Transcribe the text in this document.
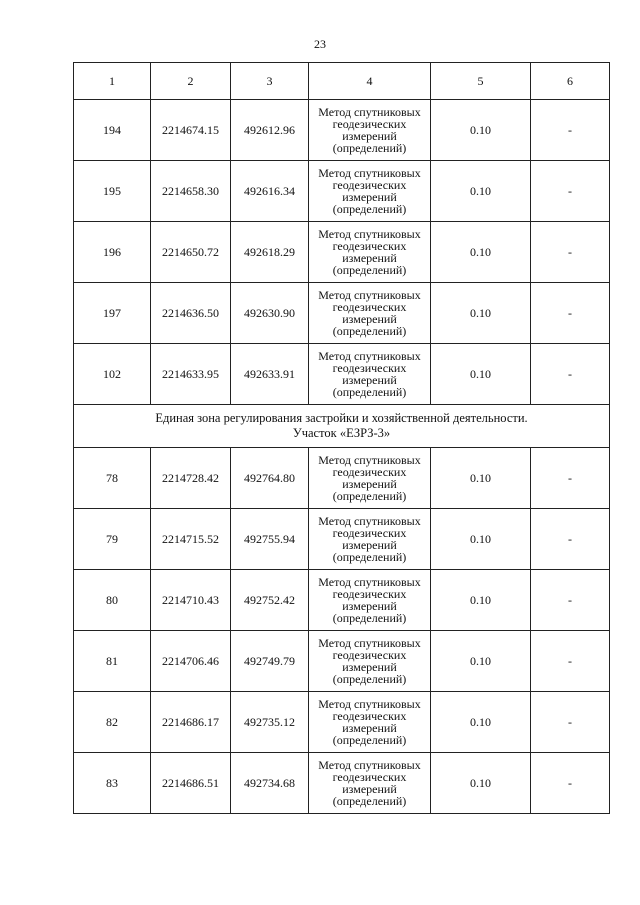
23
1	2	3	4	5	6
194	2214674.15	492612.96	Метод спутниковых
геодезических
измерений
(определений)	0.10	-
195	2214658.30	492616.34	Метод спутниковых
геодезических
измерений
(определений)	0.10	-
196	2214650.72	492618.29	Метод спутниковых
геодезических
измерений
(определений)	0.10	-
197	2214636.50	492630.90	Метод спутниковых
геодезических
измерений
(определений)	0.10	-
102	2214633.95	492633.91	Метод спутниковых
геодезических
измерений
(определений)	0.10	-

Единая зона регулирования застройки и хозяйственной деятельности.
Участок «ЕЗРЗ-3»					

78	2214728.42	492764.80	Метод спутниковых
геодезических
измерений
(определений)	0.10	-
79	2214715.52	492755.94	Метод спутниковых
геодезических
измерений
(определений)	0.10	-
80	2214710.43	492752.42	Метод спутниковых
геодезических
измерений
(определений)	0.10	-
81	2214706.46	492749.79	Метод спутниковых
геодезических
измерений
(определений)	0.10	-
82	2214686.17	492735.12	Метод спутниковых
геодезических
измерений
(определений)	0.10	-
83	2214686.51	492734.68	Метод спутниковых
геодезических
измерений
(определений)	0.10	-
